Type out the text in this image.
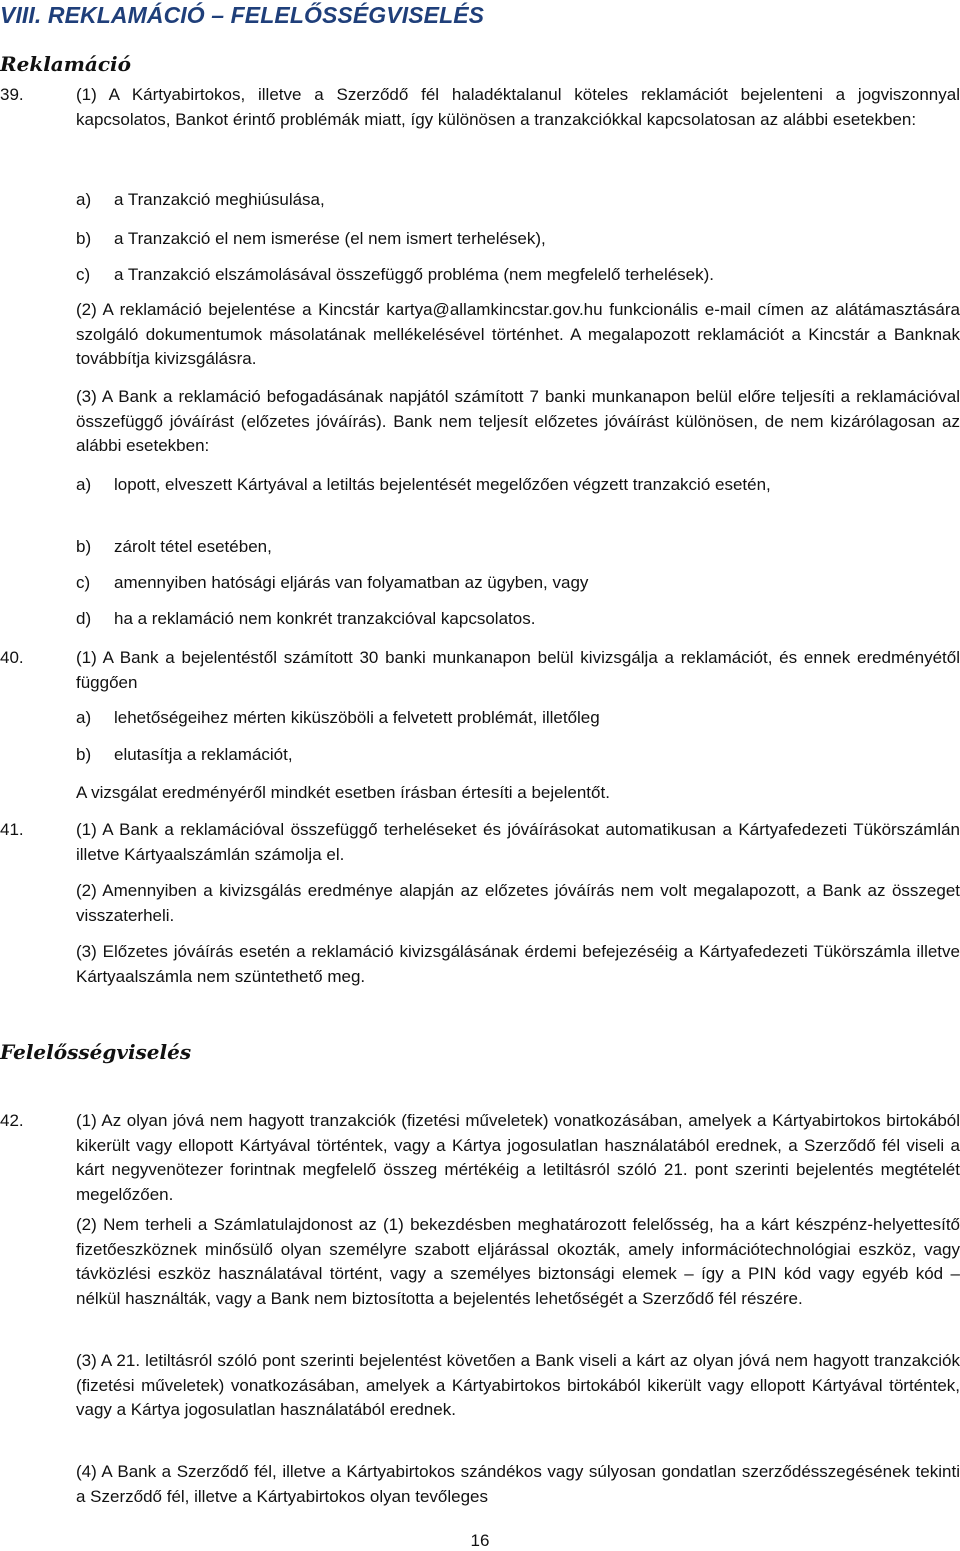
VIII. REKLAMÁCIÓ – FELELŐSSÉGVISELÉS
Reklamáció
39.	(1) A Kártyabirtokos, illetve a Szerződő fél haladéktalanul köteles reklamációt bejelenteni a jogviszonnyal kapcsolatos, Bankot érintő problémák miatt, így különösen a tranzakciókkal kapcsolatosan az alábbi esetekben:

a) a Tranzakció meghiúsulása,
b) a Tranzakció el nem ismerése (el nem ismert terhelések),
c) a Tranzakció elszámolásával összefüggő probléma (nem megfelelő terhelések).

(2) A reklamáció bejelentése a Kincstár kartya@allamkincstar.gov.hu funkcionális e-mail címen az alátámasztására szolgáló dokumentumok másolatának mellékelésével történhet. A megalapozott reklamációt a Kincstár a Banknak továbbítja kivizsgálásra.

(3) A Bank a reklamáció befogadásának napjától számított 7 banki munkanapon belül előre teljesíti a reklamációval összefüggő jóváírást (előzetes jóváírás). Bank nem teljesít előzetes jóváírást különösen, de nem kizárólagosan az alábbi esetekben:

a) lopott, elveszett Kártyával a letiltás bejelentését megelőzően végzett tranzakció esetén,
b) zárolt tétel esetében,
c) amennyiben hatósági eljárás van folyamatban az ügyben, vagy
d) ha a reklamáció nem konkrét tranzakcióval kapcsolatos.
40.	(1) A Bank a bejelentéstől számított 30 banki munkanapon belül kivizsgálja a reklamációt, és ennek eredményétől függően

a) lehetőségeihez mérten kiküszöböli a felvetett problémát, illetőleg
b) elutasítja a reklamációt,
A vizsgálat eredményéről mindkét esetben írásban értesíti a bejelentőt.
41.	(1) A Bank a reklamációval összefüggő terheléseket és jóváírásokat automatikusan a Kártyafedezeti Tükörszámlán illetve Kártyaalszámlán számolja el.

(2) Amennyiben a kivizsgálás eredménye alapján az előzetes jóváírás nem volt megalapozott, a Bank az összeget visszaterheli.

(3) Előzetes jóváírás esetén a reklamáció kivizsgálásának érdemi befejezéséig a Kártyafedezeti Tükörszámla illetve Kártyaalszámla nem szüntethető meg.

Felelősségviselés
42.	(1) Az olyan jóvá nem hagyott tranzakciók (fizetési műveletek) vonatkozásában, amelyek a Kártyabirtokos birtokából kikerült vagy ellopott Kártyával történtek, vagy a Kártya jogosulatlan használatából erednek, a Szerződő fél viseli a kárt negyvenötezer forintnak megfelelő összeg mértékéig a letiltásról szóló 21. pont szerinti bejelentés megtételét megelőzően.

(2) Nem terheli a Számlatulajdonost az (1) bekezdésben meghatározott felelősség, ha a kárt készpénz-helyettesítő fizetőeszköznek minősülő olyan személyre szabott eljárással okozták, amely információtechnológiai eszköz, vagy távközlési eszköz használatával történt, vagy a személyes biztonsági elemek – így a PIN kód vagy egyéb kód – nélkül használták, vagy a Bank nem biztosította a bejelentés lehetőségét a Szerződő fél részére.

(3) A 21. letiltásról szóló pont szerinti bejelentést követően a Bank viseli a kárt az olyan jóvá nem hagyott tranzakciók (fizetési műveletek) vonatkozásában, amelyek a Kártyabirtokos birtokából kikerült vagy ellopott Kártyával történtek, vagy a Kártya jogosulatlan használatából erednek.

(4) A Bank a Szerződő fél, illetve a Kártyabirtokos szándékos vagy súlyosan gondatlan szerződésszegésének tekinti a Szerződő fél, illetve a Kártyabirtokos olyan tevőleges

16
